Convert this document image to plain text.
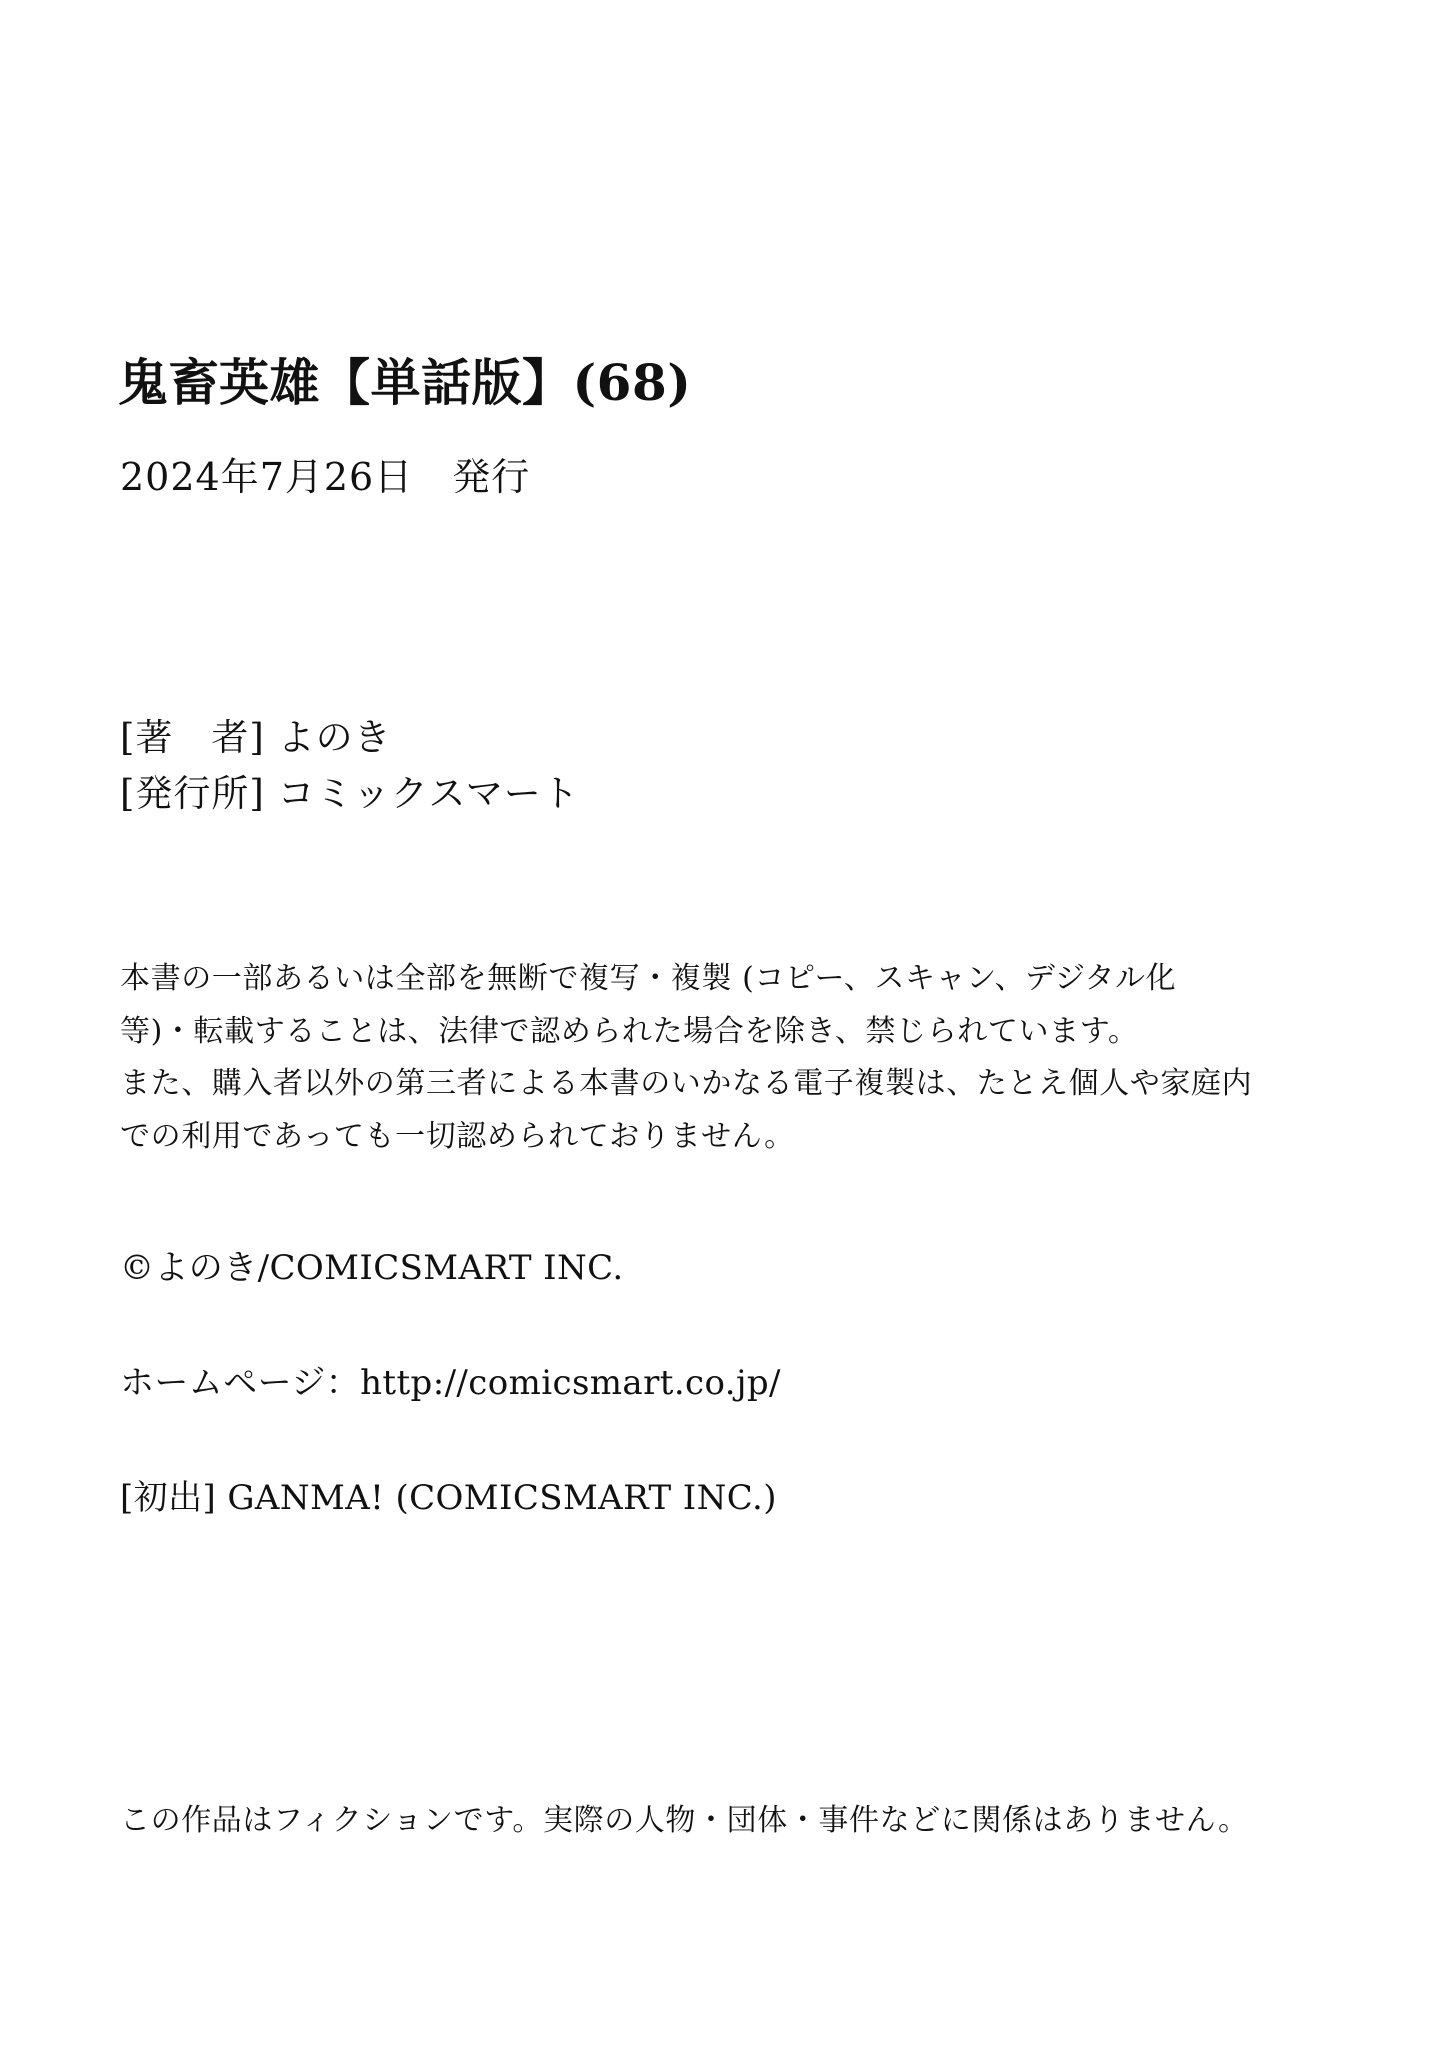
鬼畜英雄【単話版】(68)
2024年7月26日　発行
[著　者] よのき
[発行所] コミックスマート

本書の一部あるいは全部を無断で複写・複製 (コピー、スキャン、デジタル化

等)・転載することは、法律で認められた場合を除き、禁じられています。

また、購入者以外の第三者による本書のいかなる電子複製は、たとえ個人や家庭内

での利用であっても一切認められておりません。

©よのき/COMICSMART INC.
ホームページ：http://comicsmart.co.jp/
[初出] GANMA! (COMICSMART INC.)
この作品はフィクションです。実際の人物・団体・事件などに関係はありません。
